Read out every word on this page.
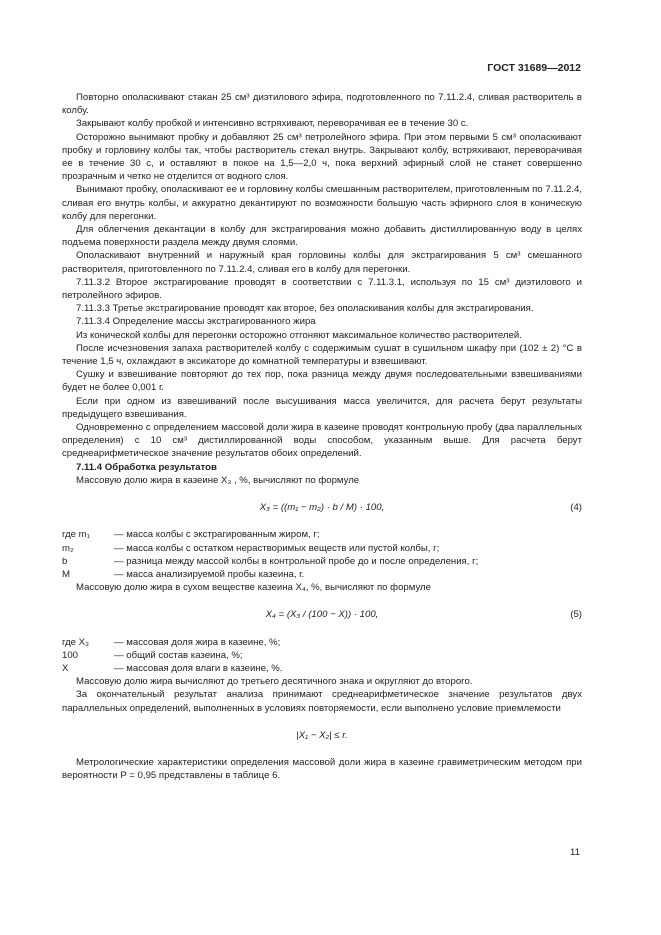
ГОСТ 31689—2012

Повторно ополаскивают стакан 25 см³ диэтилового эфира, подготовленного по 7.11.2.4, сливая растворитель в колбу.

Закрывают колбу пробкой и интенсивно встряхивают, переворачивая ее в течение 30 с.

Осторожно вынимают пробку и добавляют 25 см³ петролейного эфира. При этом первыми 5 см³ ополаскивают пробку и горловину колбы так, чтобы растворитель стекал внутрь. Закрывают колбу, встряхивают, переворачивая ее в течение 30 с, и оставляют в покое на 1,5—2,0 ч, пока верхний эфирный слой не станет совершенно прозрачным и четко не отделится от водного слоя.

Вынимают пробку, ополаскивают ее и горловину колбы смешанным растворителем, приготовленным по 7.11.2.4, сливая его внутрь колбы, и аккуратно декантируют по возможности большую часть эфирного слоя в коническую колбу для перегонки.

Для облегчения декантации в колбу для экстрагирования можно добавить дистиллированную воду в целях подъема поверхности раздела между двумя слоями.

Ополаскивают внутренний и наружный края горловины колбы для экстрагирования 5 см³ смешанного растворителя, приготовленного по 7.11.2.4, сливая его в колбу для перегонки.

7.11.3.2 Второе экстрагирование проводят в соответствии с 7.11.3.1, используя по 15 см³ диэтилового и петролейного эфиров.

7.11.3.3 Третье экстрагирование проводят как второе, без ополаскивания колбы для экстрагирования.

7.11.3.4 Определение массы экстрагированного жира

Из конической колбы для перегонки осторожно отгоняют максимальное количество растворителей.

После исчезновения запаха растворителей колбу с содержимым сушат в сушильном шкафу при (102 ± 2) °С в течение 1,5 ч, охлаждают в эксикаторе до комнатной температуры и взвешивают.

Сушку и взвешивание повторяют до тех пор, пока разница между двумя последовательными взвешиваниями будет не более 0,001 г.

Если при одном из взвешиваний после высушивания масса увеличится, для расчета берут результаты предыдущего взвешивания.

Одновременно с определением массовой доли жира в казеине проводят контрольную пробу (два параллельных определения) с 10 см³ дистиллированной воды способом, указанным выше. Для расчета берут среднеарифметическое значение результатов обоих определений.

7.11.4 Обработка результатов

Массовую долю жира в казеине X₃ , %, вычисляют по формуле

X₃ = ((m₁ − m₂) · b / M) · 100,	(4)
где m₁	— масса колбы с экстрагированным жиром, г;
m₂	— масса колбы с остатком нерастворимых веществ или пустой колбы, г;
b	— разница между массой колбы в контрольной пробе до и после определения, г;
M	— масса анализируемой пробы казеина, г.

Массовую долю жира в сухом веществе казеина X₄, %, вычисляют по формуле

X₄ = (X₃ / (100 − X)) · 100,	(5)
где X₃	— массовая доля жира в казеине, %;
100	— общий состав казеина, %;
X	— массовая доля влаги в казеине, %.

Массовую долю жира вычисляют до третьего десятичного знака и округляют до второго.

За окончательный результат анализа принимают среднеарифметическое значение результатов двух параллельных определений, выполненных в условиях повторяемости, если выполнено условие приемлемости

|X₁ − X₂| ≤ r.

Метрологические характеристики определения массовой доли жира в казеине гравиметрическим методом при вероятности P = 0,95 представлены в таблице 6.

11
